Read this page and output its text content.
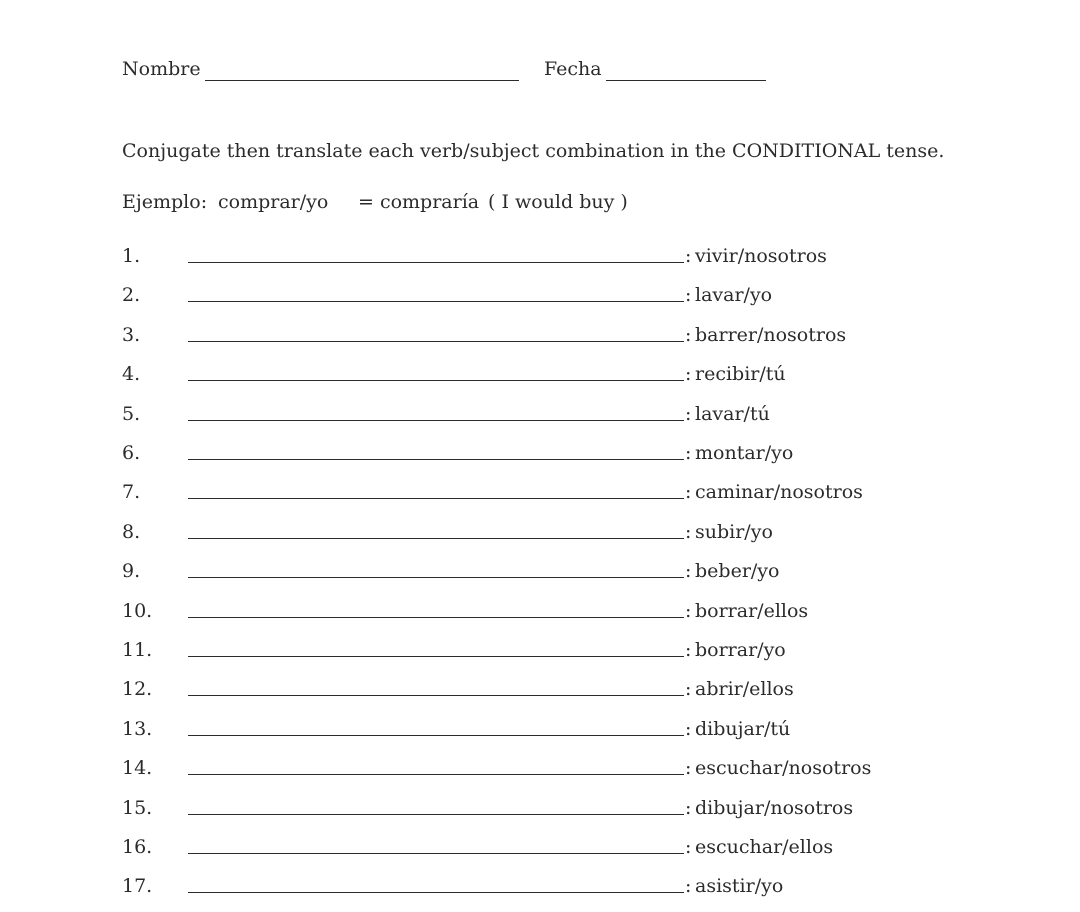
Nombre	Fecha
Conjugate then translate each verb/subject combination in the CONDITIONAL tense.
Ejemplo: comprar/yo = compraría ( I would buy )
1.	: vivir/nosotros
2.	: lavar/yo
3.	: barrer/nosotros
4.	: recibir/tú
5.	: lavar/tú
6.	: montar/yo
7.	: caminar/nosotros
8.	: subir/yo
9.	: beber/yo
10.	: borrar/ellos
11.	: borrar/yo
12.	: abrir/ellos
13.	: dibujar/tú
14.	: escuchar/nosotros
15.	: dibujar/nosotros
16.	: escuchar/ellos
17.	: asistir/yo
